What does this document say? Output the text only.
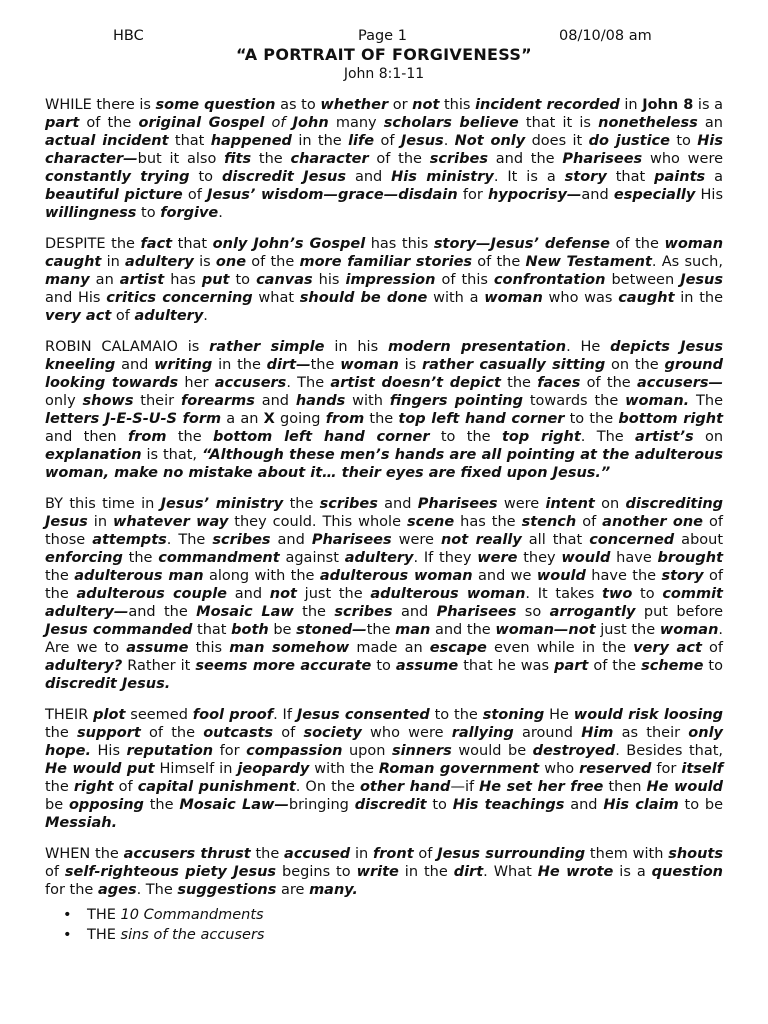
HBC	Page 1	08/10/08 am
“A PORTRAIT OF FORGIVENESS”
John 8:1-11

WHILE there is some question as to whether or not this incident recorded in John 8 is a part of the original Gospel of John many scholars believe that it is nonetheless an actual incident that happened in the life of Jesus. Not only does it do justice to His character—but it also fits the character of the scribes and the Pharisees who were constantly trying to discredit Jesus and His ministry. It is a story that paints a beautiful picture of Jesus’ wisdom—grace—disdain for hypocrisy—and especially His willingness to forgive.

DESPITE the fact that only John’s Gospel has this story—Jesus’ defense of the woman caught in adultery is one of the more familiar stories of the New Testament. As such, many an artist has put to canvas his impression of this confrontation between Jesus and His critics concerning what should be done with a woman who was caught in the very act of adultery.

ROBIN CALAMAIO is rather simple in his modern presentation. He depicts Jesus kneeling and writing in the dirt—the woman is rather casually sitting on the ground looking towards her accusers. The artist doesn’t depict the faces of the accusers—only shows their forearms and hands with fingers pointing towards the woman. The letters J-E-S-U-S form a an X going from the top left hand corner to the bottom right and then from the bottom left hand corner to the top right. The artist’s on explanation is that, “Although these men’s hands are all pointing at the adulterous woman, make no mistake about it… their eyes are fixed upon Jesus.”

BY this time in Jesus’ ministry the scribes and Pharisees were intent on discrediting Jesus in whatever way they could. This whole scene has the stench of another one of those attempts. The scribes and Pharisees were not really all that concerned about enforcing the commandment against adultery. If they were they would have brought the adulterous man along with the adulterous woman and we would have the story of the adulterous couple and not just the adulterous woman. It takes two to commit adultery—and the Mosaic Law the scribes and Pharisees so arrogantly put before Jesus commanded that both be stoned—the man and the woman—not just the woman. Are we to assume this man somehow made an escape even while in the very act of adultery? Rather it seems more accurate to assume that he was part of the scheme to discredit Jesus.

THEIR plot seemed fool proof. If Jesus consented to the stoning He would risk loosing the support of the outcasts of society who were rallying around Him as their only hope. His reputation for compassion upon sinners would be destroyed. Besides that, He would put Himself in jeopardy with the Roman government who reserved for itself the right of capital punishment. On the other hand—if He set her free then He would be opposing the Mosaic Law—bringing discredit to His teachings and His claim to be Messiah.

WHEN the accusers thrust the accused in front of Jesus surrounding them with shouts of self-righteous piety Jesus begins to write in the dirt. What He wrote is a question for the ages. The suggestions are many.

• THE 10 Commandments
• THE sins of the accusers
